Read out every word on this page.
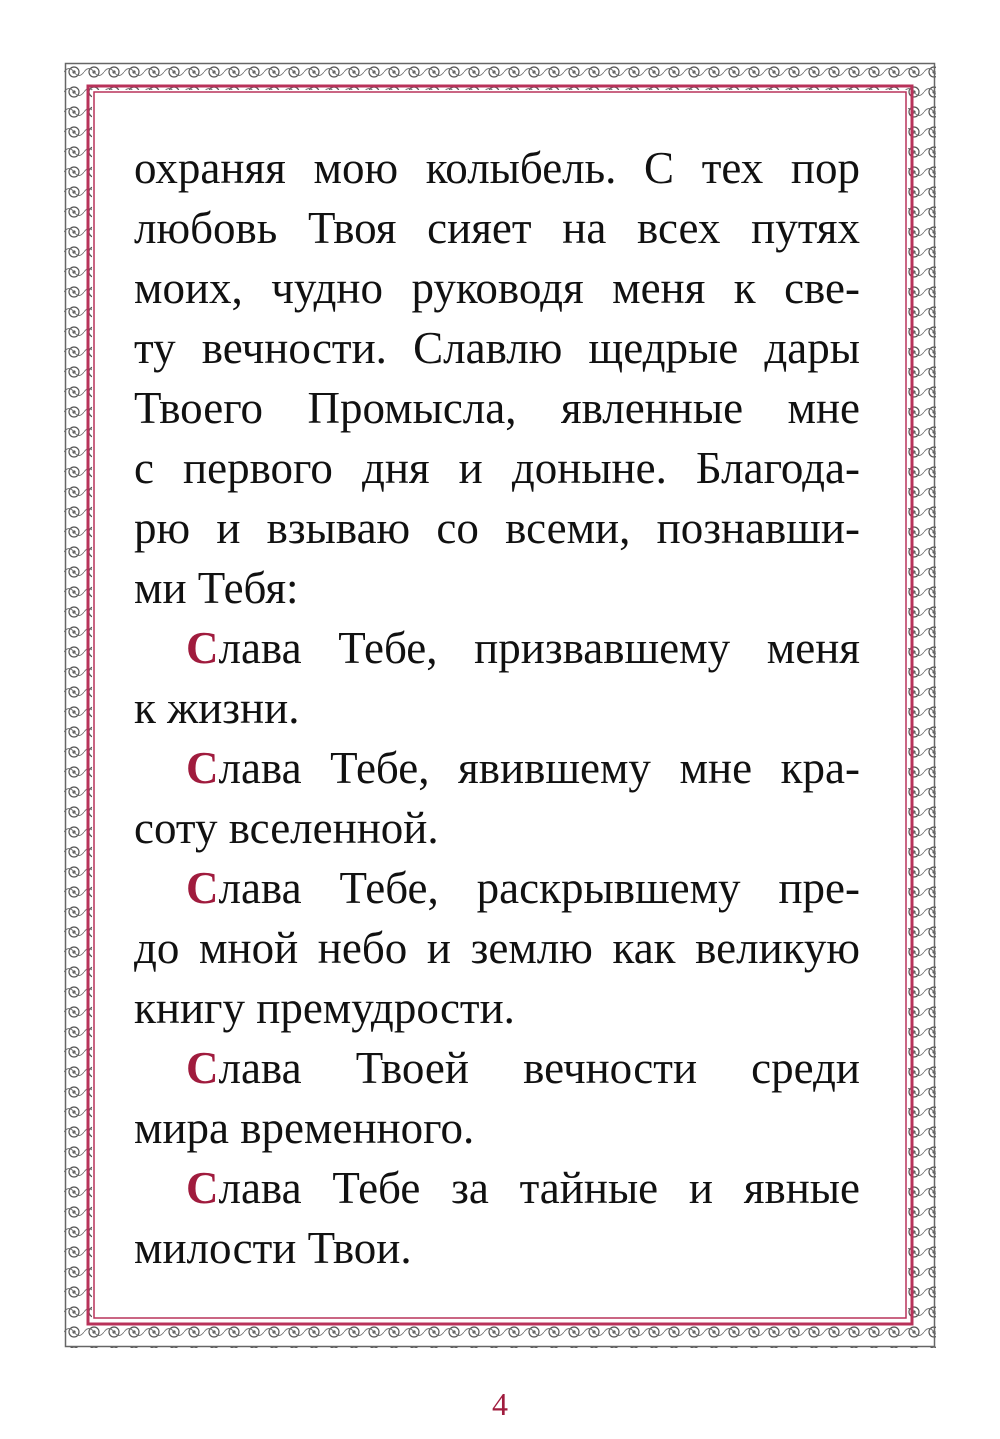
охраняя мою колыбель. С тех пор
любовь Твоя сияет на всех путях
моих, чудно руководя меня к све-
ту вечности. Славлю щедрые дары
Твоего Промысла, явленные мне
с первого дня и доныне. Благода-
рю и взываю со всеми, познавши-
ми Тебя:

Слава Тебе, призвавшему меня
к жизни.

Слава Тебе, явившему мне кра-
соту вселенной.

Слава Тебе, раскрывшему пре-
до мной небо и землю как великую
книгу премудрости.

Слава Твоей вечности среди
мира временного.

Слава Тебе за тайные и явные
милости Твои.

4
